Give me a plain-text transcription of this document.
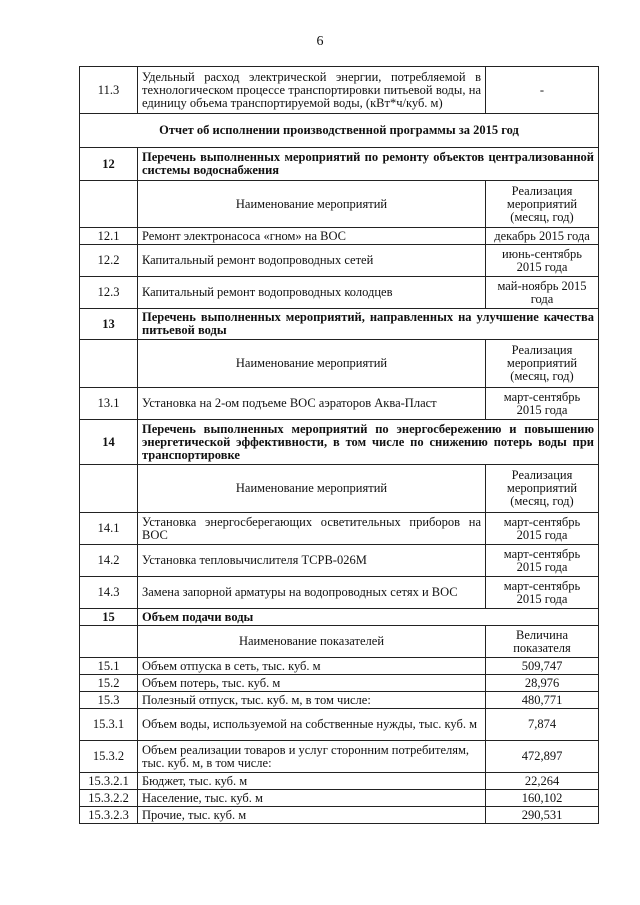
6
11.3	Удельный расход электрической энергии, потребляемой в технологическом процессе транспортировки питьевой воды, на единицу объема транспортируемой воды, (кВт*ч/куб. м)	-
Отчет об исполнении производственной программы за 2015 год		
12	Перечень выполненных мероприятий по ремонту объектов централизованной системы водоснабжения	
	Наименование мероприятий	Реализация мероприятий (месяц, год)
12.1	Ремонт электронасоса «гном» на ВОС	декабрь 2015 года
12.2	Капитальный ремонт водопроводных сетей	июнь-сентябрь 2015 года
12.3	Капитальный ремонт водопроводных колодцев	май-ноябрь 2015 года
13	Перечень выполненных мероприятий, направленных на улучшение качества питьевой воды	
	Наименование мероприятий	Реализация мероприятий (месяц, год)
13.1	Установка на 2-ом подъеме ВОС аэраторов Аква-Пласт	март-сентябрь 2015 года
14	Перечень выполненных мероприятий по энергосбережению и повышению энергетической эффективности, в том числе по снижению потерь воды при транспортировке	
	Наименование мероприятий	Реализация мероприятий (месяц, год)
14.1	Установка энергосберегающих осветительных приборов на ВОС	март-сентябрь 2015 года
14.2	Установка тепловычислителя ТСРВ-026М	март-сентябрь 2015 года
14.3	Замена запорной арматуры на водопроводных сетях и ВОС	март-сентябрь 2015 года
15	Объем подачи воды	
	Наименование показателей	Величина показателя
15.1	Объем отпуска в сеть, тыс. куб. м	509,747
15.2	Объем потерь, тыс. куб. м	28,976
15.3	Полезный отпуск, тыс. куб. м, в том числе:	480,771
15.3.1	Объем воды, используемой на собственные нужды, тыс. куб. м	7,874
15.3.2	Объем реализации товаров и услуг сторонним потребителям, тыс. куб. м, в том числе:	472,897
15.3.2.1	Бюджет, тыс. куб. м	22,264
15.3.2.2	Население, тыс. куб. м	160,102
15.3.2.3	Прочие, тыс. куб. м	290,531
